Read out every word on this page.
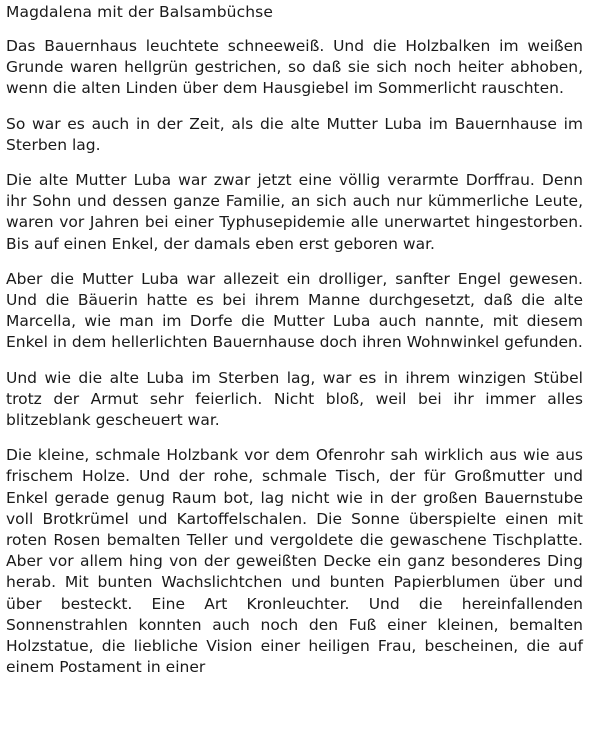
Magdalena mit der Balsambüchse

Das Bauernhaus leuchtete schneeweiß. Und die Holzbalken im weißen Grunde waren hellgrün gestrichen, so daß sie sich noch heiter abhoben, wenn die alten Linden über dem Hausgiebel im Sommerlicht rauschten.

So war es auch in der Zeit, als die alte Mutter Luba im Bauernhause im Sterben lag.

Die alte Mutter Luba war zwar jetzt eine völlig verarmte Dorffrau. Denn ihr Sohn und dessen ganze Familie, an sich auch nur kümmerliche Leute, waren vor Jahren bei einer Typhusepidemie alle unerwartet hingestorben. Bis auf einen Enkel, der damals eben erst geboren war.

Aber die Mutter Luba war allezeit ein drolliger, sanfter Engel gewesen. Und die Bäuerin hatte es bei ihrem Manne durchgesetzt, daß die alte Marcella, wie man im Dorfe die Mutter Luba auch nannte, mit diesem Enkel in dem hellerlichten Bauernhause doch ihren Wohnwinkel gefunden.

Und wie die alte Luba im Sterben lag, war es in ihrem winzigen Stübel trotz der Armut sehr feierlich. Nicht bloß, weil bei ihr immer alles blitzeblank gescheuert war.

Die kleine, schmale Holzbank vor dem Ofenrohr sah wirklich aus wie aus frischem Holze. Und der rohe, schmale Tisch, der für Großmutter und Enkel gerade genug Raum bot, lag nicht wie in der großen Bauernstube voll Brotkrümel und Kartoffelschalen. Die Sonne überspielte einen mit roten Rosen bemalten Teller und vergoldete die gewaschene Tischplatte. Aber vor allem hing von der geweißten Decke ein ganz besonderes Ding herab. Mit bunten Wachslichtchen und bunten Papierblumen über und über besteckt. Eine Art Kronleuchter. Und die hereinfallenden Sonnenstrahlen konnten auch noch den Fuß einer kleinen, bemalten Holzstatue, die liebliche Vision einer heiligen Frau, bescheinen, die auf einem Postament in einer
